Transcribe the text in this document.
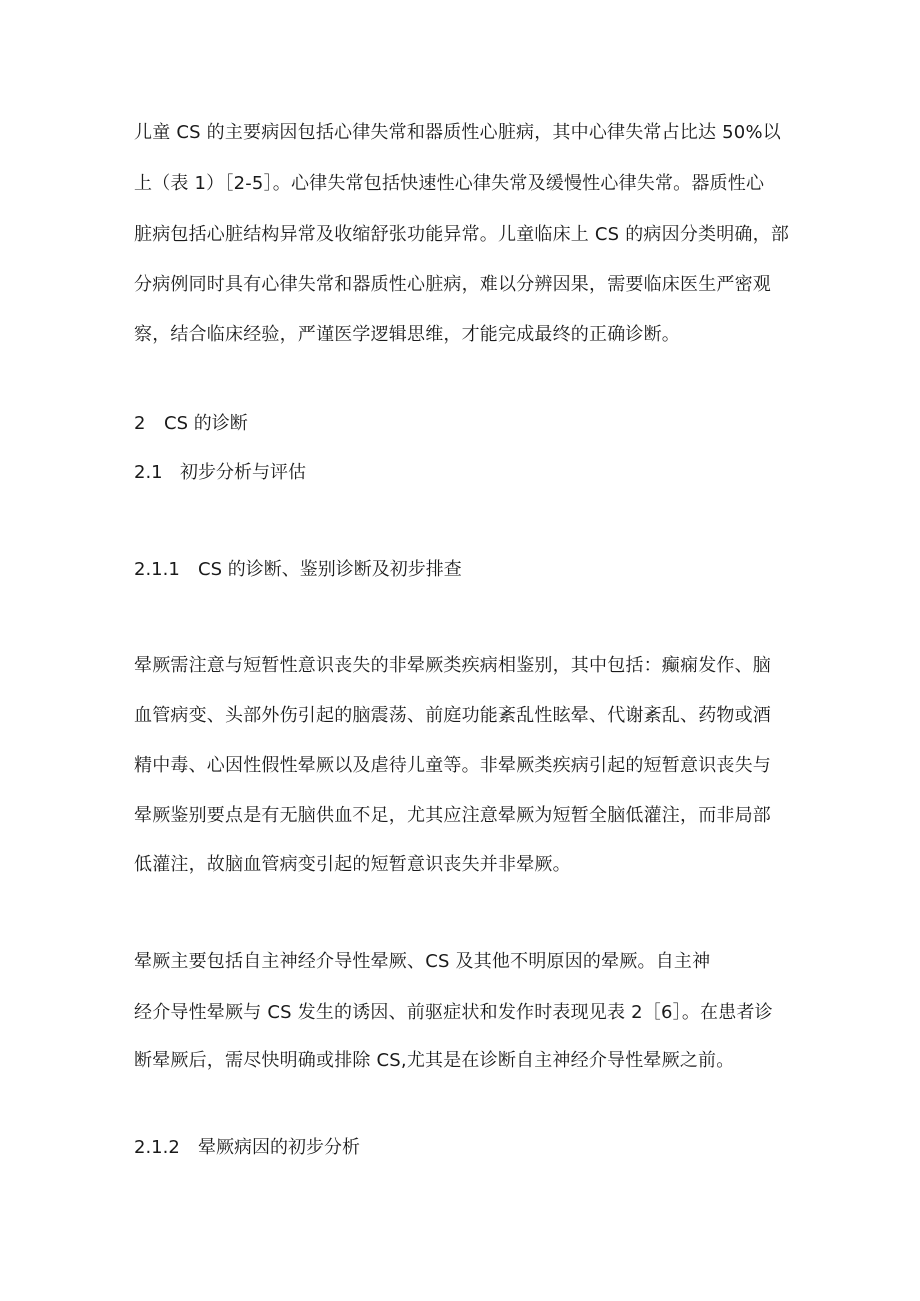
儿童 CS 的主要病因包括心律失常和器质性心脏病，其中心律失常占比达 50%以
上（表 1）［2-5］。心律失常包括快速性心律失常及缓慢性心律失常。器质性心
脏病包括心脏结构异常及收缩舒张功能异常。儿童临床上 CS 的病因分类明确，部
分病例同时具有心律失常和器质性心脏病，难以分辨因果，需要临床医生严密观
察，结合临床经验，严谨医学逻辑思维，才能完成最终的正确诊断。
2 CS 的诊断
2.1 初步分析与评估
2.1.1 CS 的诊断、鉴别诊断及初步排查
晕厥需注意与短暂性意识丧失的非晕厥类疾病相鉴别，其中包括：癫痫发作、脑
血管病变、头部外伤引起的脑震荡、前庭功能紊乱性眩晕、代谢紊乱、药物或酒
精中毒、心因性假性晕厥以及虐待儿童等。非晕厥类疾病引起的短暂意识丧失与
晕厥鉴别要点是有无脑供血不足，尤其应注意晕厥为短暂全脑低灌注，而非局部
低灌注，故脑血管病变引起的短暂意识丧失并非晕厥。
晕厥主要包括自主神经介导性晕厥、CS 及其他不明原因的晕厥。自主神
经介导性晕厥与 CS 发生的诱因、前驱症状和发作时表现见表 2［6］。在患者诊
断晕厥后，需尽快明确或排除 CS,尤其是在诊断自主神经介导性晕厥之前。
2.1.2 晕厥病因的初步分析
